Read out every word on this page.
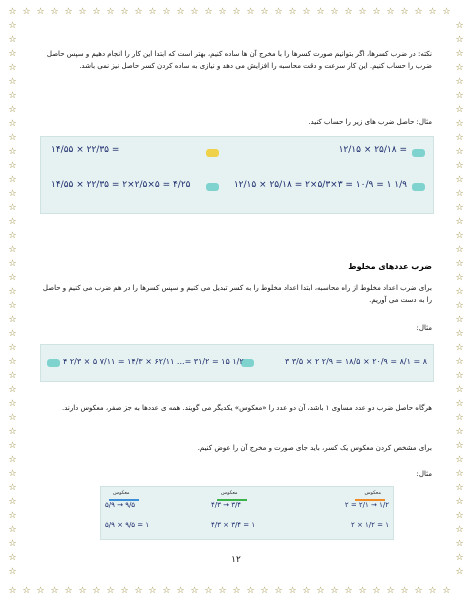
☆
☆
☆
☆
☆
☆
☆
☆
☆
☆
☆
☆
☆
☆
☆
☆
☆
☆
☆
☆
☆
☆
☆
☆
☆
☆
☆
☆
☆
☆
☆
☆
☆
☆
☆
☆
☆
☆
☆
☆
☆
☆
☆
☆
☆
☆
☆
☆
☆
☆
☆
☆
☆
☆
☆
☆
☆
☆
☆
☆
☆
☆
☆
☆
☆	☆
☆	☆
☆	☆
☆	☆
☆	☆
☆	☆
☆	☆
☆	☆
☆	☆
☆	☆
☆	☆
☆	☆
☆	☆
☆	☆
☆	☆
☆	☆
☆	☆
☆	☆
☆	☆
☆	☆
☆	☆
☆	☆
☆	☆
☆	☆
☆	☆
☆	☆
☆	☆
☆	☆
☆	☆
☆	☆
☆	☆
☆	☆
☆	☆
☆	☆
☆	☆
☆	☆
☆	☆
☆	☆
☆	☆
☆	☆
نکته: در ضرب کسرها، اگر بتوانیم صورت کسرها را با مخرج آن ها ساده کنیم، بهتر است که ابتدا این کار را انجام دهیم و سپس حاصل ضرب را حساب کنیم. این کار سرعت و دقت محاسبه را افزایش می دهد و نیازی به ساده کردن کسر حاصل نیز نمی باشد.
مثال: حاصل ضرب های زیر را حساب کنید.
۱۲/۱۵ × ۲۵/۱۸ =
۱۴/۵۵ × ۲۲/۳۵ =
۱۲/۱۵ × ۲۵/۱۸ = ۲×۵/۳×۳ = ۱۰/۹ = ۱ ۱/۹
۱۴/۵۵ × ۲۲/۳۵ = ۲×۲/۵×۵ = ۴/۲۵
ضرب عددهای مخلوط
برای ضرب اعداد مخلوط از راه محاسبه، ابتدا اعداد مخلوط را به کسر تبدیل می کنیم و سپس کسرها را در هم ضرب می کنیم و حاصل را به دست می آوریم.
مثال:
۳ ۳/۵ × ۲ ۲/۹ = ۱۸/۵ × ۲۰/۹ = ۸/۱ = ۸
۴ ۲/۳ × ۵ ۷/۱۱ = ۱۴/۳ × ۶۲/۱۱ ...= ۳۱/۲ = ۱۵ ۱/۲
هرگاه حاصل ضرب دو عدد مساوی ۱ باشد، آن دو عدد را «معکوس» یکدیگر می گویند. همه ی عددها به جز صفر، معکوس دارند.
برای مشخص کردن معکوس یک کسر، باید جای صورت و مخرج آن را عوض کنیم.
مثال:
معکوس
۲ = ۲/۱ → ۱/۲
۲ × ۱/۲ = ۱
معکوس
۴/۳ → ۳/۴
۴/۳ × ۳/۴ = ۱
معکوس
۵/۹ → ۹/۵
۵/۹ × ۹/۵ = ۱
۱۲
